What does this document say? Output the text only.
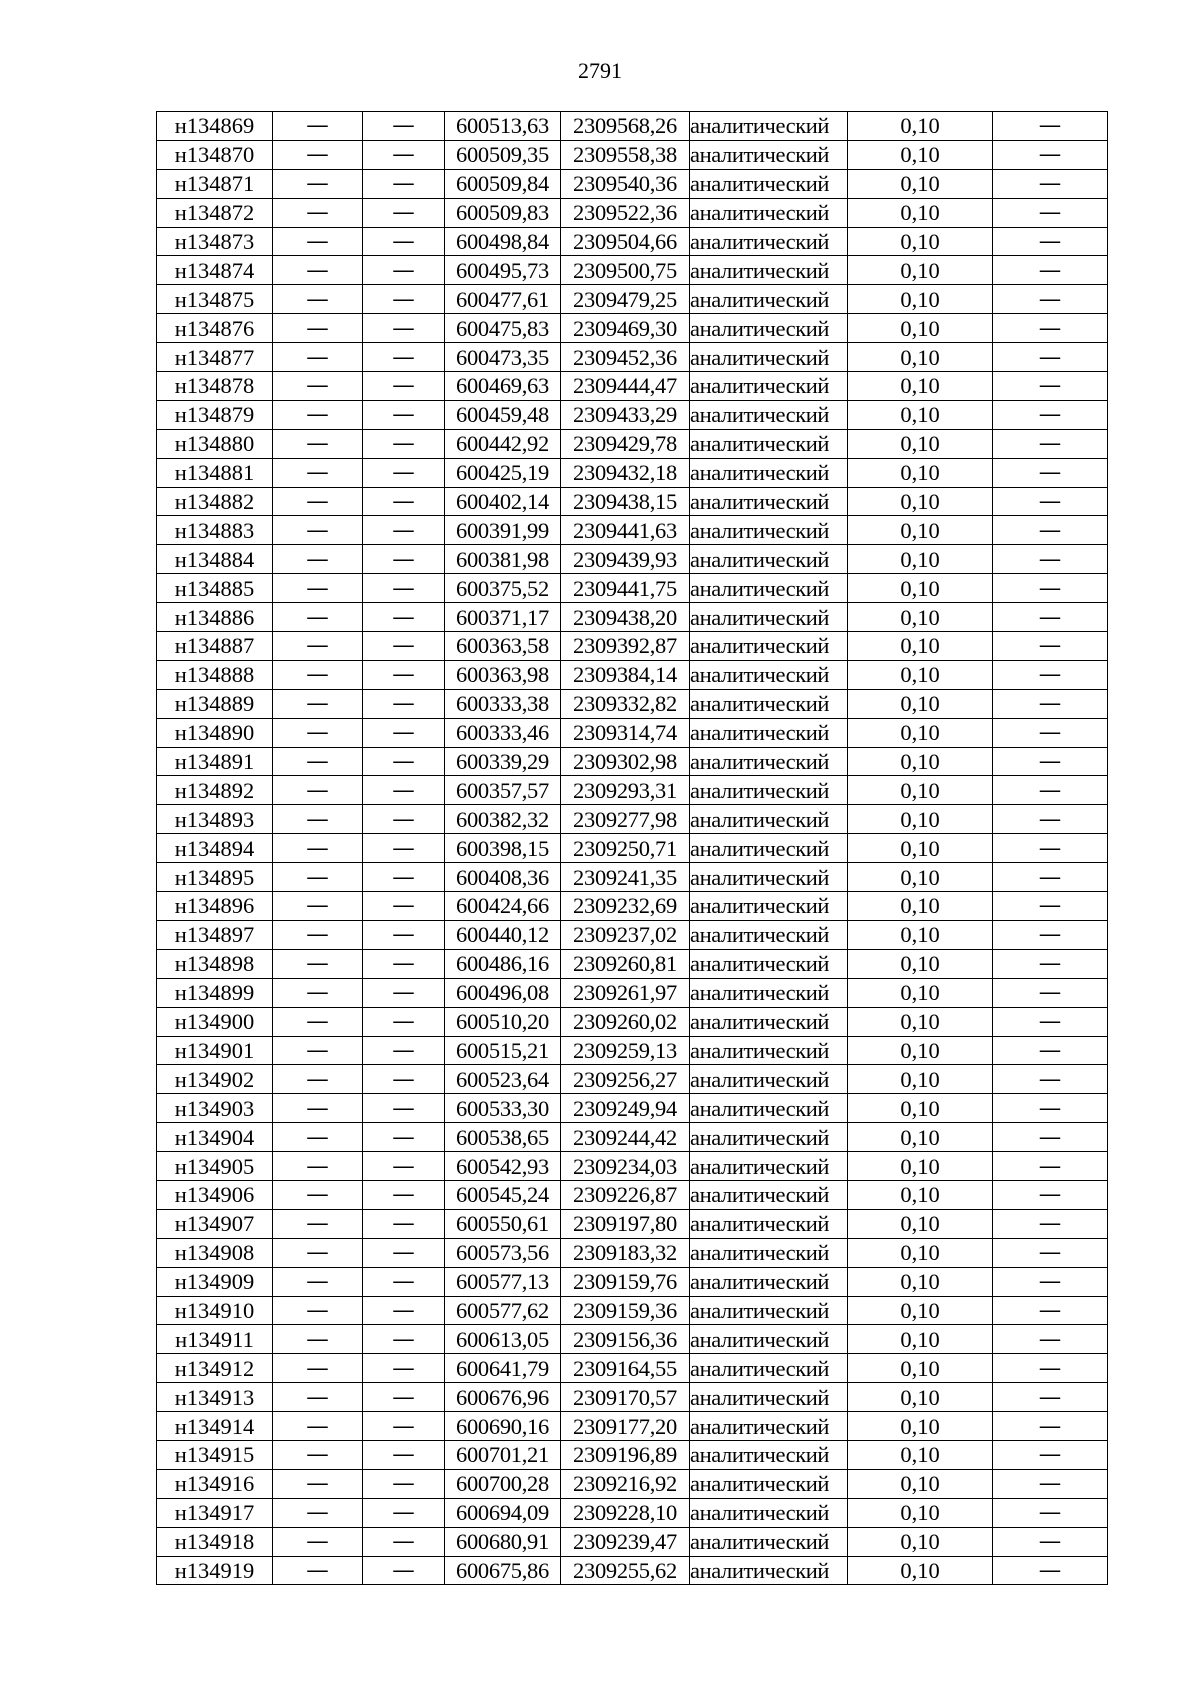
2791
н134869	—	—	600513,63	2309568,26	аналитический	0,10	—
н134870	—	—	600509,35	2309558,38	аналитический	0,10	—
н134871	—	—	600509,84	2309540,36	аналитический	0,10	—
н134872	—	—	600509,83	2309522,36	аналитический	0,10	—
н134873	—	—	600498,84	2309504,66	аналитический	0,10	—
н134874	—	—	600495,73	2309500,75	аналитический	0,10	—
н134875	—	—	600477,61	2309479,25	аналитический	0,10	—
н134876	—	—	600475,83	2309469,30	аналитический	0,10	—
н134877	—	—	600473,35	2309452,36	аналитический	0,10	—
н134878	—	—	600469,63	2309444,47	аналитический	0,10	—
н134879	—	—	600459,48	2309433,29	аналитический	0,10	—
н134880	—	—	600442,92	2309429,78	аналитический	0,10	—
н134881	—	—	600425,19	2309432,18	аналитический	0,10	—
н134882	—	—	600402,14	2309438,15	аналитический	0,10	—
н134883	—	—	600391,99	2309441,63	аналитический	0,10	—
н134884	—	—	600381,98	2309439,93	аналитический	0,10	—
н134885	—	—	600375,52	2309441,75	аналитический	0,10	—
н134886	—	—	600371,17	2309438,20	аналитический	0,10	—
н134887	—	—	600363,58	2309392,87	аналитический	0,10	—
н134888	—	—	600363,98	2309384,14	аналитический	0,10	—
н134889	—	—	600333,38	2309332,82	аналитический	0,10	—
н134890	—	—	600333,46	2309314,74	аналитический	0,10	—
н134891	—	—	600339,29	2309302,98	аналитический	0,10	—
н134892	—	—	600357,57	2309293,31	аналитический	0,10	—
н134893	—	—	600382,32	2309277,98	аналитический	0,10	—
н134894	—	—	600398,15	2309250,71	аналитический	0,10	—
н134895	—	—	600408,36	2309241,35	аналитический	0,10	—
н134896	—	—	600424,66	2309232,69	аналитический	0,10	—
н134897	—	—	600440,12	2309237,02	аналитический	0,10	—
н134898	—	—	600486,16	2309260,81	аналитический	0,10	—
н134899	—	—	600496,08	2309261,97	аналитический	0,10	—
н134900	—	—	600510,20	2309260,02	аналитический	0,10	—
н134901	—	—	600515,21	2309259,13	аналитический	0,10	—
н134902	—	—	600523,64	2309256,27	аналитический	0,10	—
н134903	—	—	600533,30	2309249,94	аналитический	0,10	—
н134904	—	—	600538,65	2309244,42	аналитический	0,10	—
н134905	—	—	600542,93	2309234,03	аналитический	0,10	—
н134906	—	—	600545,24	2309226,87	аналитический	0,10	—
н134907	—	—	600550,61	2309197,80	аналитический	0,10	—
н134908	—	—	600573,56	2309183,32	аналитический	0,10	—
н134909	—	—	600577,13	2309159,76	аналитический	0,10	—
н134910	—	—	600577,62	2309159,36	аналитический	0,10	—
н134911	—	—	600613,05	2309156,36	аналитический	0,10	—
н134912	—	—	600641,79	2309164,55	аналитический	0,10	—
н134913	—	—	600676,96	2309170,57	аналитический	0,10	—
н134914	—	—	600690,16	2309177,20	аналитический	0,10	—
н134915	—	—	600701,21	2309196,89	аналитический	0,10	—
н134916	—	—	600700,28	2309216,92	аналитический	0,10	—
н134917	—	—	600694,09	2309228,10	аналитический	0,10	—
н134918	—	—	600680,91	2309239,47	аналитический	0,10	—
н134919	—	—	600675,86	2309255,62	аналитический	0,10	—
